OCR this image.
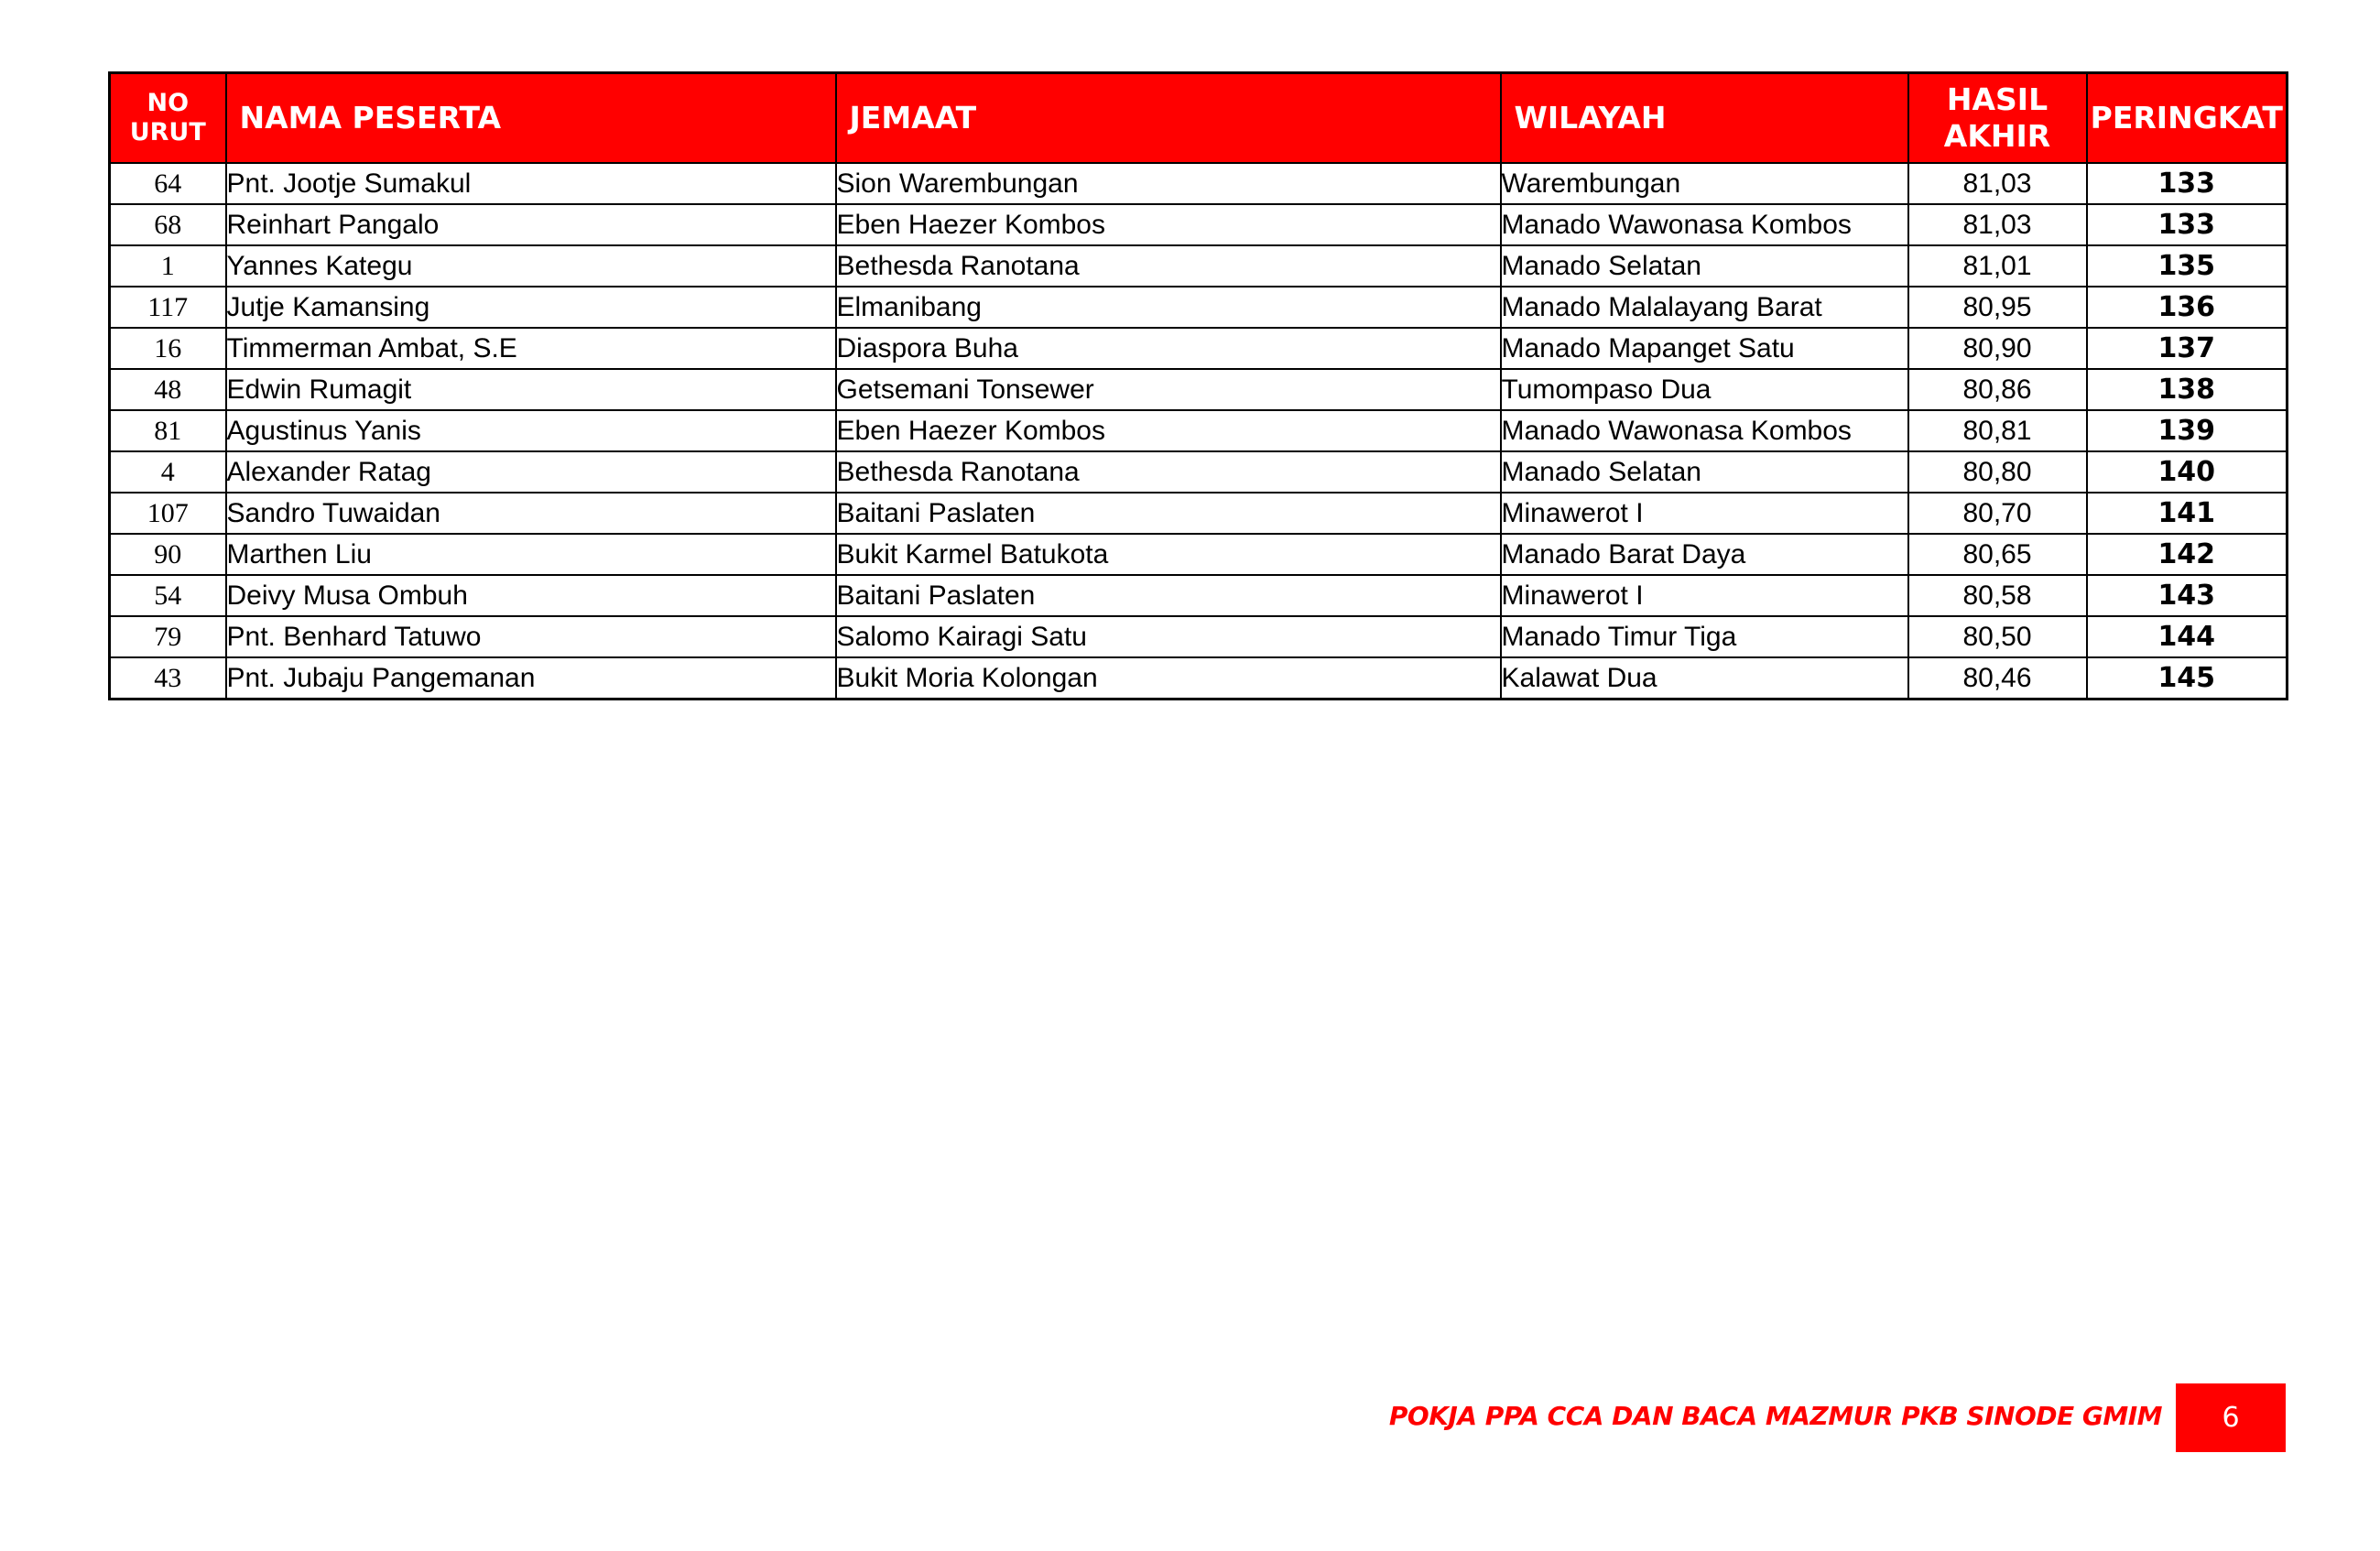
NO URUT	NAMA PESERTA	JEMAAT	WILAYAH	HASIL AKHIR	PERINGKAT
64	Pnt. Jootje Sumakul	Sion Warembungan	Warembungan	81,03	133
68	Reinhart Pangalo	Eben Haezer Kombos	Manado Wawonasa Kombos	81,03	133
1	Yannes Kategu	Bethesda Ranotana	Manado Selatan	81,01	135
117	Jutje Kamansing	Elmanibang	Manado Malalayang Barat	80,95	136
16	Timmerman Ambat, S.E	Diaspora Buha	Manado Mapanget Satu	80,90	137
48	Edwin Rumagit	Getsemani Tonsewer	Tumompaso Dua	80,86	138
81	Agustinus Yanis	Eben Haezer Kombos	Manado Wawonasa Kombos	80,81	139
4	Alexander Ratag	Bethesda Ranotana	Manado Selatan	80,80	140
107	Sandro Tuwaidan	Baitani Paslaten	Minawerot I	80,70	141
90	Marthen Liu	Bukit Karmel Batukota	Manado Barat Daya	80,65	142
54	Deivy Musa Ombuh	Baitani Paslaten	Minawerot I	80,58	143
79	Pnt. Benhard Tatuwo	Salomo Kairagi Satu	Manado Timur Tiga	80,50	144
43	Pnt. Jubaju Pangemanan	Bukit Moria Kolongan	Kalawat Dua	80,46	145
POKJA PPA CCA DAN BACA MAZMUR PKB SINODE GMIM 6
